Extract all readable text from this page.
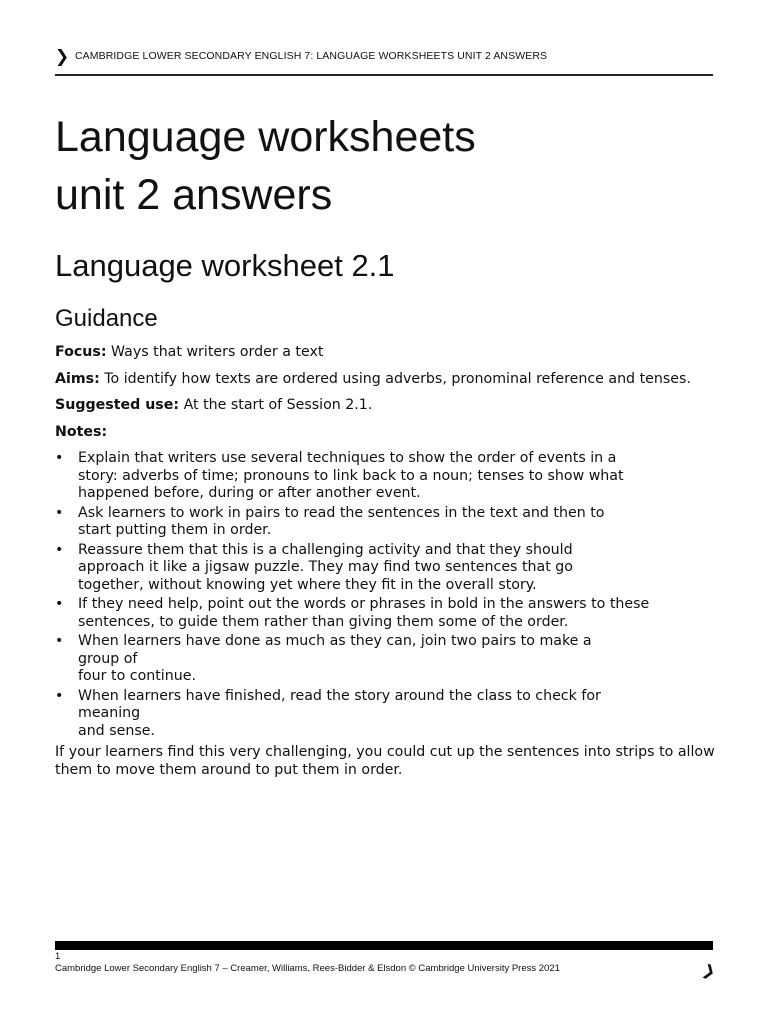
❯ CAMBRIDGE LOWER SECONDARY ENGLISH 7: LANGUAGE WORKSHEETS UNIT 2 ANSWERS
Language worksheets
unit 2 answers
Language worksheet 2.1
Guidance

Focus: Ways that writers order a text

Aims: To identify how texts are ordered using adverbs, pronominal reference and tenses.

Suggested use: At the start of Session 2.1.

Notes:

• Explain that writers use several techniques to show the order of events in a
story: adverbs of time; pronouns to link back to a noun; tenses to show what
happened before, during or after another event.
• Ask learners to work in pairs to read the sentences in the text and then to
start putting them in order.
• Reassure them that this is a challenging activity and that they should
approach it like a jigsaw puzzle. They may find two sentences that go
together, without knowing yet where they fit in the overall story.
• If they need help, point out the words or phrases in bold in the answers to these
sentences, to guide them rather than giving them some of the order.
• When learners have done as much as they can, join two pairs to make a
group of
four to continue.
• When learners have finished, read the story around the class to check for
meaning
and sense.

If your learners find this very challenging, you could cut up the sentences into strips to allow them to move them around to put them in order.

1
Cambridge Lower Secondary English 7 – Creamer, Williams, Rees-Bidder & Elsdon © Cambridge University Press 2021	❯
